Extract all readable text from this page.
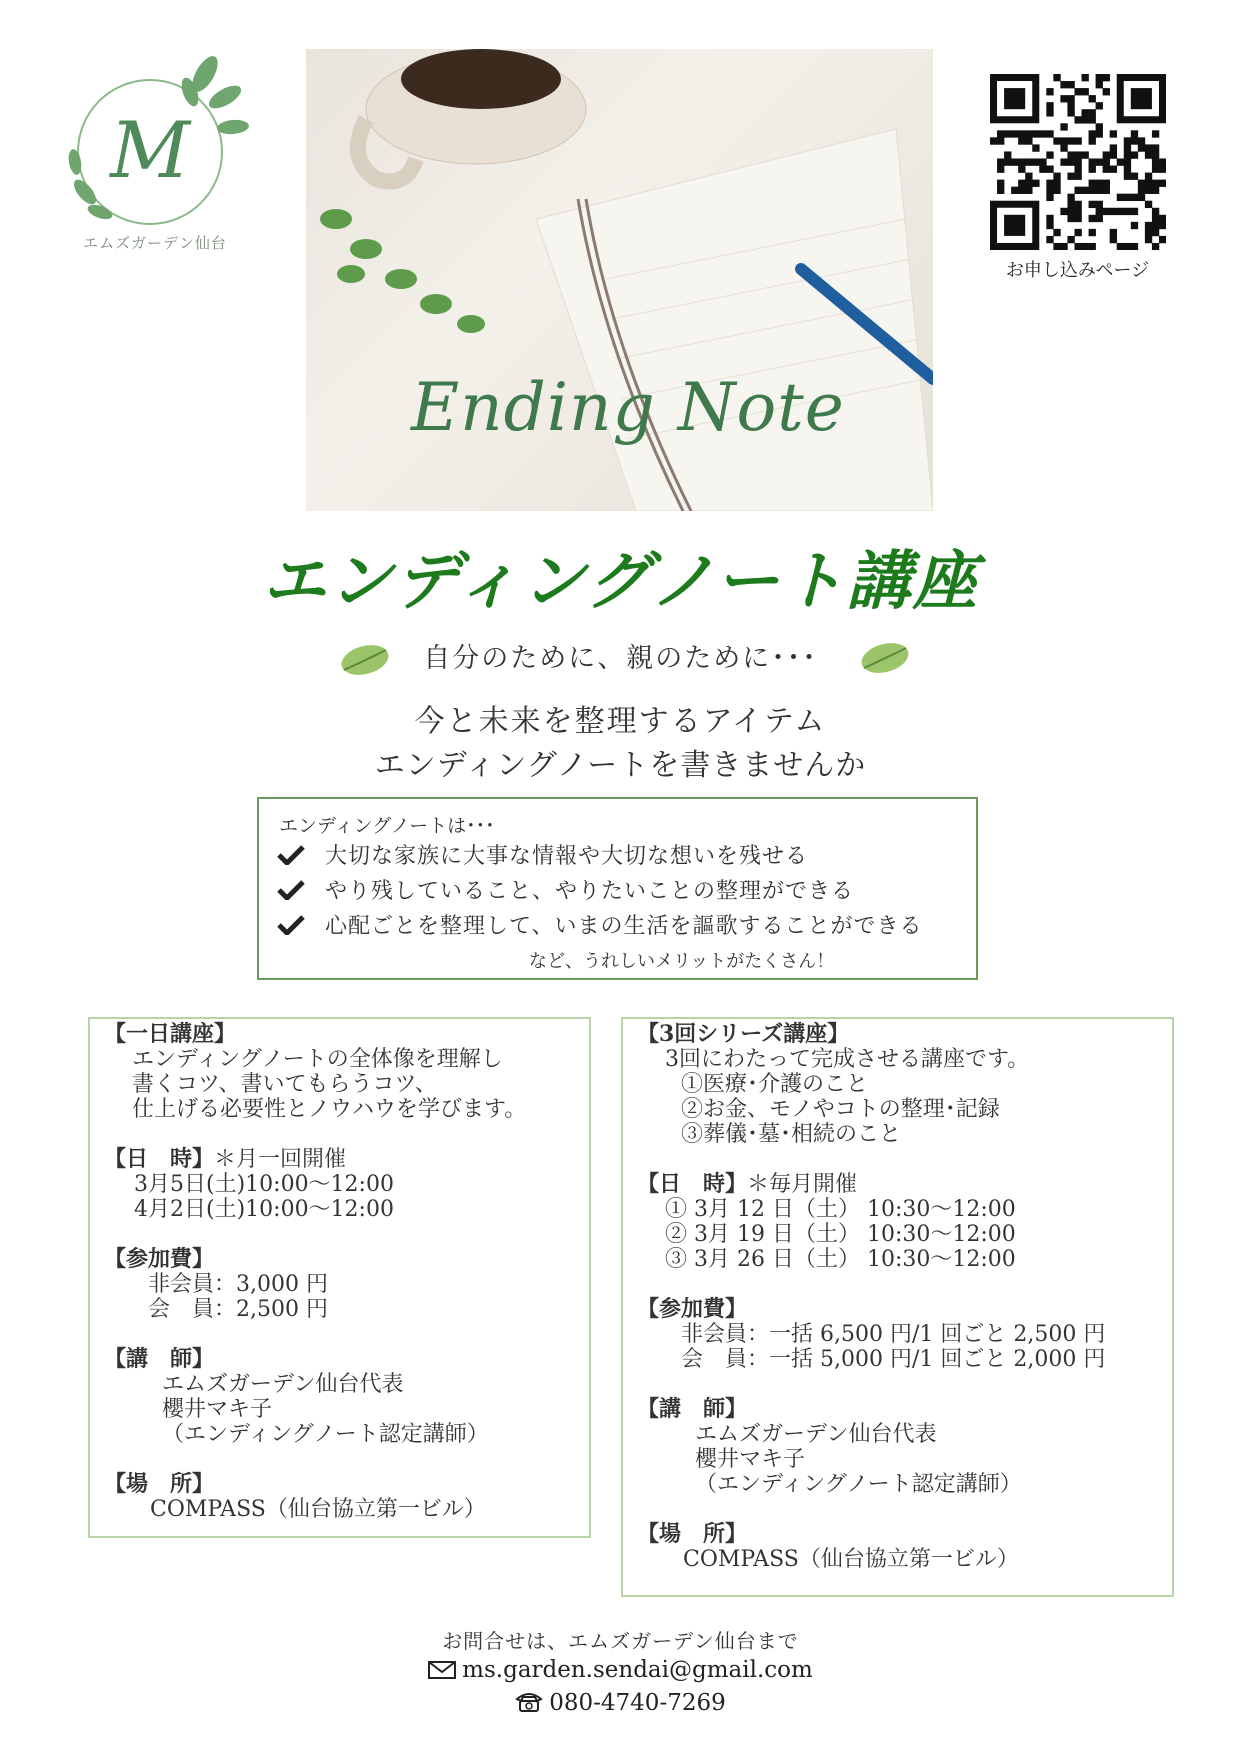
M
エムズガーデン仙台
Ending Note
お申し込みページ
エンディングノート講座
自分のために、親のために･･･
今と未来を整理するアイテム
エンディングノートを書きませんか
エンディングノートは･･･
大切な家族に大事な情報や大切な想いを残せる
やり残していること、やりたいことの整理ができる
心配ごとを整理して、いまの生活を謳歌することができる
など、うれしいメリットがたくさん！
【一日講座】
エンディングノートの全体像を理解し
書くコツ、書いてもらうコツ、
仕上げる必要性とノウハウを学びます。
【日　時】＊月一回開催
3月5日(土)10:00～12:00
4月2日(土)10:00～12:00
【参加費】
非会員：3,000 円
会　員：2,500 円
【講　師】
エムズガーデン仙台代表
櫻井マキ子
（エンディングノート認定講師）
【場　所】
COMPASS（仙台協立第一ビル）
【3回シリーズ講座】
3回にわたって完成させる講座です。
①医療･介護のこと
②お金、モノやコトの整理･記録
③葬儀･墓･相続のこと
【日　時】＊毎月開催
① 3月 12 日（土） 10:30～12:00
② 3月 19 日（土） 10:30～12:00
③ 3月 26 日（土） 10:30～12:00
【参加費】
非会員：一括 6,500 円/1 回ごと 2,500 円
会　員：一括 5,000 円/1 回ごと 2,000 円
【講　師】
エムズガーデン仙台代表
櫻井マキ子
（エンディングノート認定講師）
【場　所】
COMPASS（仙台協立第一ビル）
お問合せは、エムズガーデン仙台まで
ms.garden.sendai@gmail.com
080-4740-7269
